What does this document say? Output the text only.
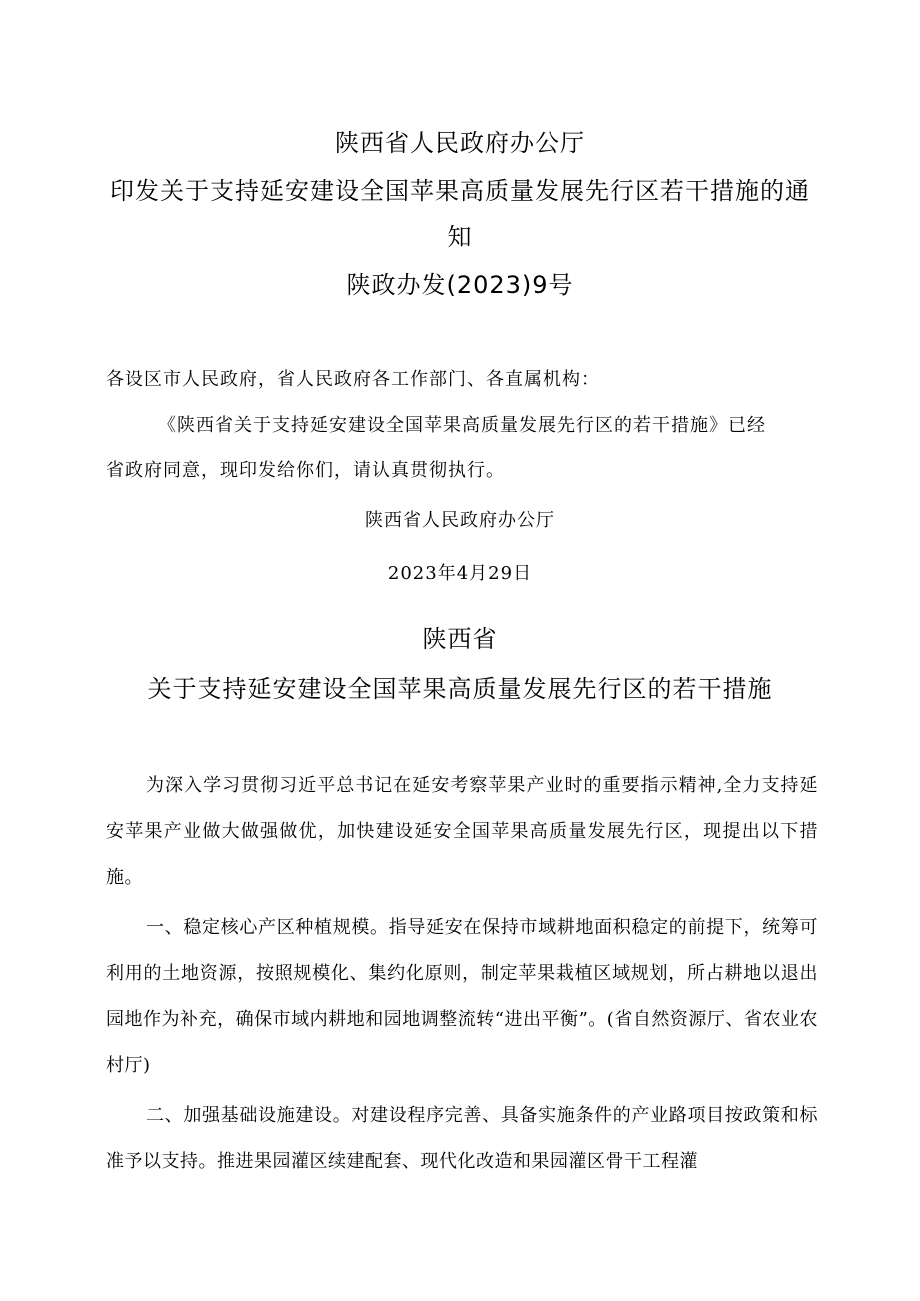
陕西省人民政府办公厅
印发关于支持延安建设全国苹果高质量发展先行区若干措施的通
知
陕政办发(2023)9号
各设区市人民政府，省人民政府各工作部门、各直属机构：
《陕西省关于支持延安建设全国苹果高质量发展先行区的若干措施》已经
省政府同意，现印发给你们，请认真贯彻执行。
陕西省人民政府办公厅
2023年4月29日
陕西省
关于支持延安建设全国苹果高质量发展先行区的若干措施

为深入学习贯彻习近平总书记在延安考察苹果产业时的重要指示精神,全力支持延安苹果产业做大做强做优，加快建设延安全国苹果高质量发展先行区，现提出以下措施。

一、稳定核心产区种植规模。指导延安在保持市域耕地面积稳定的前提下，统筹可利用的土地资源，按照规模化、集约化原则，制定苹果栽植区域规划，所占耕地以退出园地作为补充，确保市域内耕地和园地调整流转“进出平衡”。(省自然资源厅、省农业农村厅)

二、加强基础设施建设。对建设程序完善、具备实施条件的产业路项目按政策和标准予以支持。推进果园灌区续建配套、现代化改造和果园灌区骨干工程灌
